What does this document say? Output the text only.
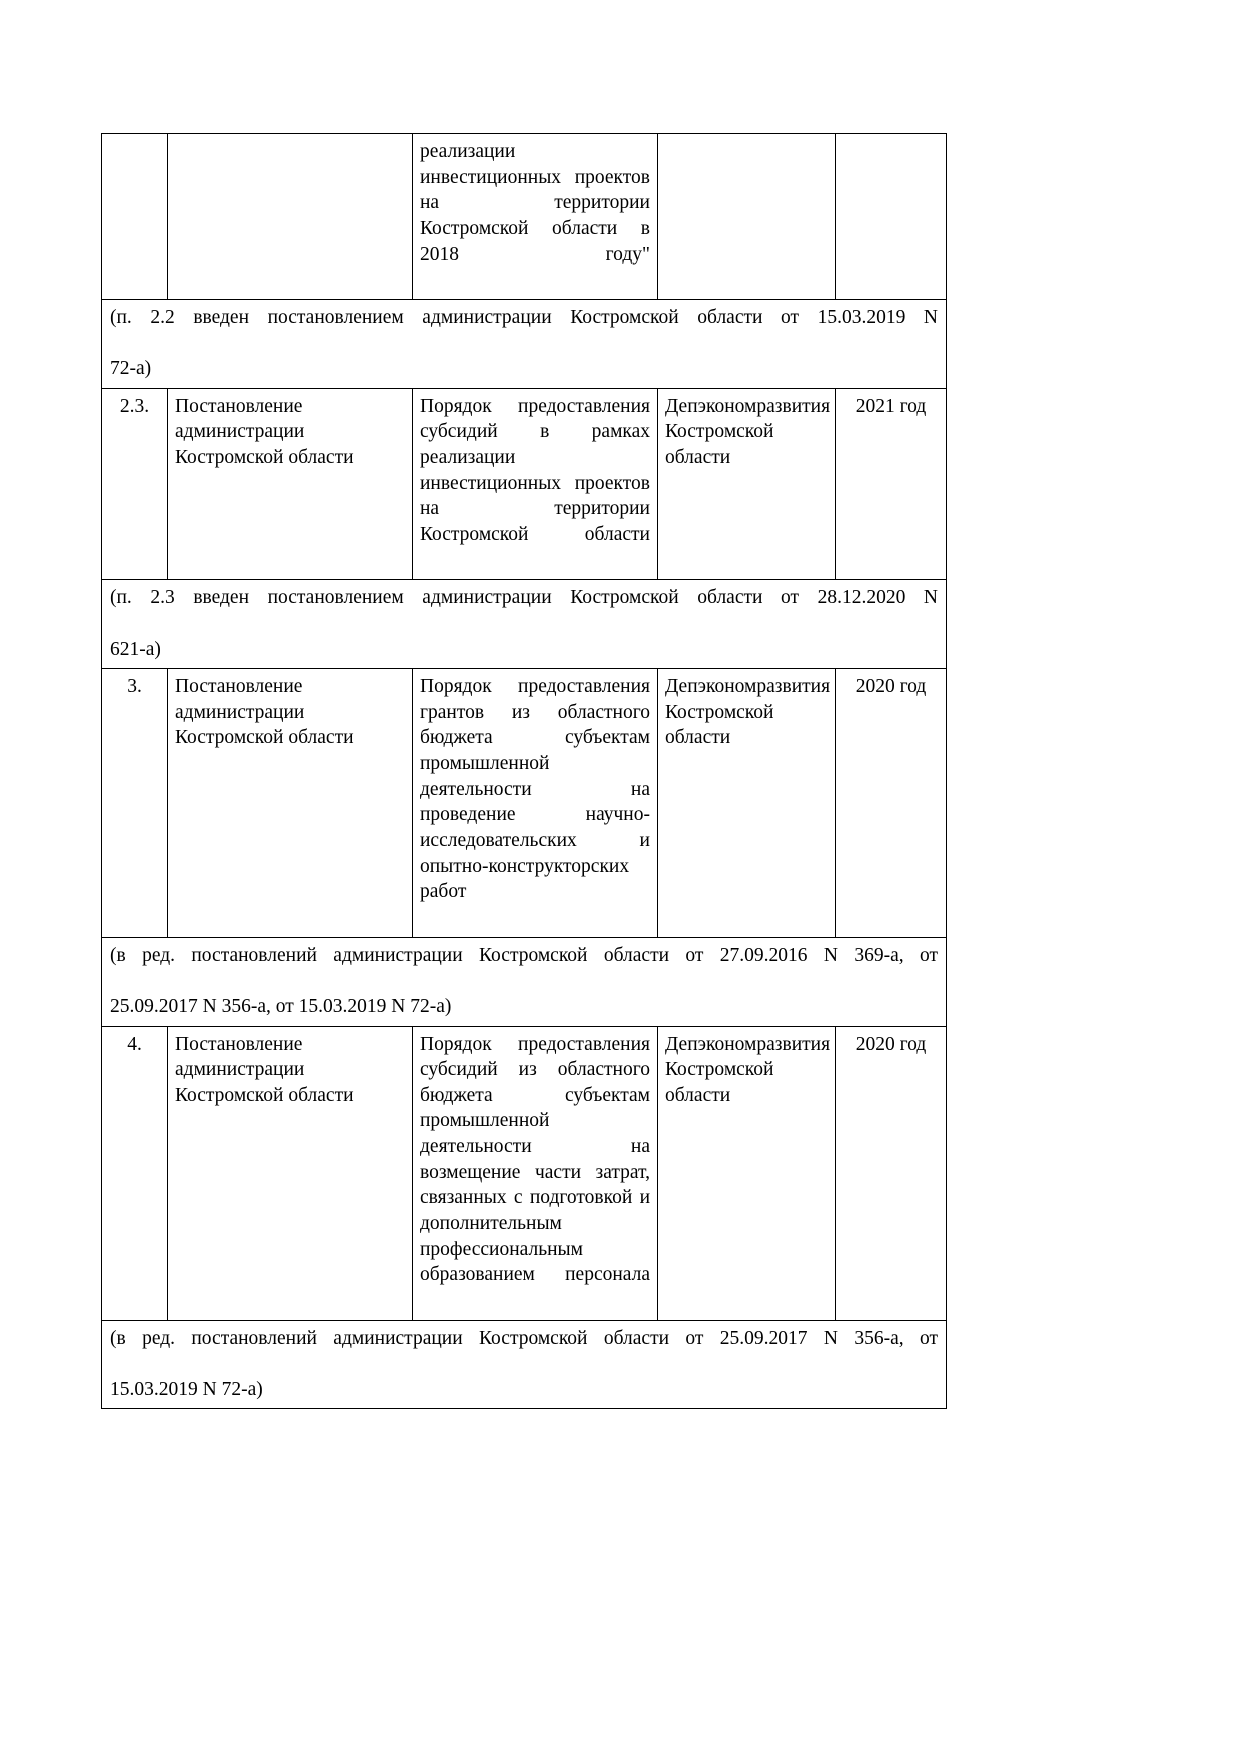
		реализации инвестиционных проектов на территории Костромской области в 2018 году"		

(п. 2.2 введен постановлением администрации Костромской области от 15.03.2019 N
72-а)				

2.3.	Постановление администрации Костромской области	Порядок предоставления субсидий в рамках реализации инвестиционных проектов на территории Костромской области	Депэкономразвития Костромской области	2021 год

(п. 2.3 введен постановлением администрации Костромской области от 28.12.2020 N
621-а)				

3.	Постановление администрации Костромской области	Порядок предоставления грантов из областного бюджета субъектам промышленной деятельности на проведение научно-исследовательских и опытно-конструкторских работ	Депэкономразвития Костромской области	2020 год

(в ред. постановлений администрации Костромской области от 27.09.2016 N 369-а, от
25.09.2017 N 356-а, от 15.03.2019 N 72-а)				

4.	Постановление администрации Костромской области	Порядок предоставления субсидий из областного бюджета субъектам промышленной деятельности на возмещение части затрат, связанных с подготовкой и дополнительным профессиональным образованием персонала	Депэкономразвития Костромской области	2020 год

(в ред. постановлений администрации Костромской области от 25.09.2017 N 356-а, от
15.03.2019 N 72-а)				
